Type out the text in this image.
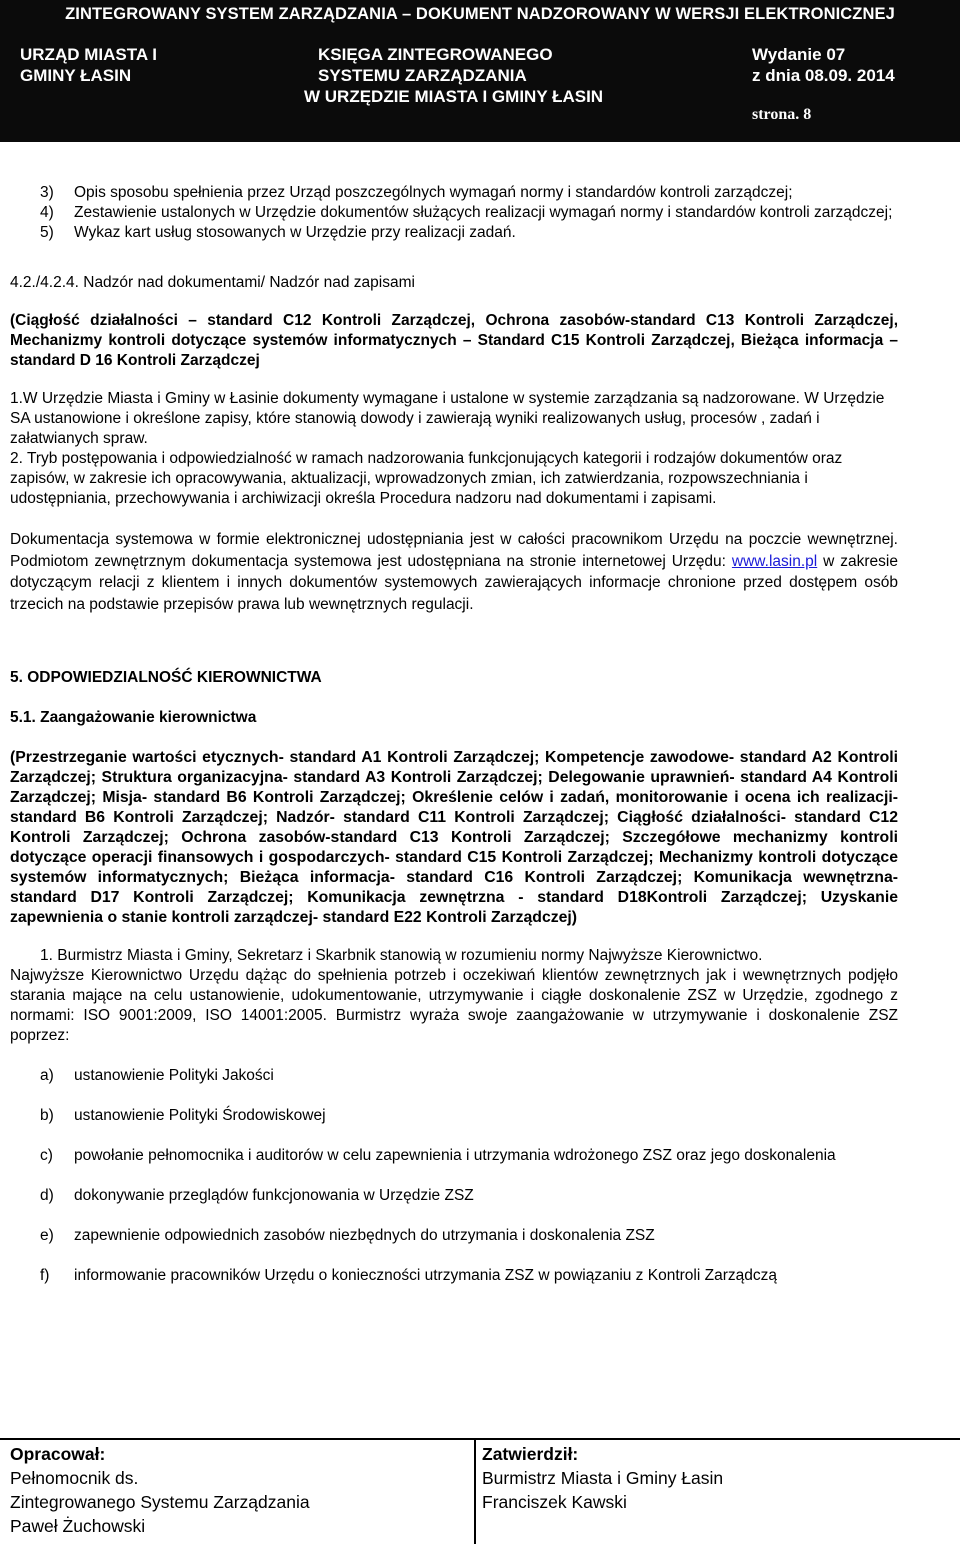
ZINTEGROWANY SYSTEM ZARZĄDZANIA – DOKUMENT NADZOROWANY W WERSJI ELEKTRONICZNEJ
URZĄD MIASTA I
GMINY ŁASIN
KSIĘGA ZINTEGROWANEGO
SYSTEMU ZARZĄDZANIA
W URZĘDZIE MIASTA I GMINY ŁASIN
Wydanie 07
z dnia 08.09. 2014
strona. 8
3)	Opis sposobu spełnienia przez Urząd poszczególnych wymagań normy i standardów kontroli zarządczej;
4)	Zestawienie ustalonych w Urzędzie dokumentów służących realizacji wymagań normy i standardów kontroli zarządczej;
5)	Wykaz kart usług stosowanych w Urzędzie przy realizacji zadań.

4.2./4.2.4. Nadzór nad dokumentami/ Nadzór nad zapisami

(Ciągłość działalności – standard C12 Kontroli Zarządczej, Ochrona zasobów-standard C13 Kontroli Zarządczej, Mechanizmy kontroli dotyczące systemów informatycznych – Standard C15 Kontroli Zarządczej, Bieżąca informacja – standard D 16 Kontroli Zarządczej

1.W Urzędzie Miasta i Gminy w Łasinie dokumenty wymagane i ustalone w systemie zarządzania są nadzorowane. W Urzędzie SA ustanowione i określone zapisy, które stanowią dowody i zawierają wyniki realizowanych usług, procesów , zadań i załatwianych spraw.

2. Tryb postępowania i odpowiedzialność w ramach nadzorowania funkcjonujących kategorii i rodzajów dokumentów oraz zapisów, w zakresie ich opracowywania, aktualizacji, wprowadzonych zmian, ich zatwierdzania, rozpowszechniania i udostępniania, przechowywania i archiwizacji określa Procedura nadzoru nad dokumentami i zapisami.

Dokumentacja systemowa w formie elektronicznej udostępniania jest w całości pracownikom Urzędu na poczcie wewnętrznej. Podmiotom zewnętrznym dokumentacja systemowa jest udostępniana na stronie internetowej Urzędu: www.lasin.pl w zakresie dotyczącym relacji z klientem i innych dokumentów systemowych zawierających informacje chronione przed dostępem osób trzecich na podstawie przepisów prawa lub wewnętrznych regulacji.

5. ODPOWIEDZIALNOŚĆ KIEROWNICTWA

5.1. Zaangażowanie kierownictwa

(Przestrzeganie wartości etycznych- standard A1 Kontroli Zarządczej; Kompetencje zawodowe- standard A2 Kontroli Zarządczej; Struktura organizacyjna- standard A3 Kontroli Zarządczej; Delegowanie uprawnień- standard A4 Kontroli Zarządczej; Misja- standard B6 Kontroli Zarządczej; Określenie celów i zadań, monitorowanie i ocena ich realizacji- standard B6 Kontroli Zarządczej; Nadzór- standard C11 Kontroli Zarządczej; Ciągłość działalności- standard C12 Kontroli Zarządczej; Ochrona zasobów-standard C13 Kontroli Zarządczej; Szczegółowe mechanizmy kontroli dotyczące operacji finansowych i gospodarczych- standard C15 Kontroli Zarządczej; Mechanizmy kontroli dotyczące systemów informatycznych; Bieżąca informacja- standard C16 Kontroli Zarządczej; Komunikacja wewnętrzna-standard D17 Kontroli Zarządczej; Komunikacja zewnętrzna - standard D18Kontroli Zarządczej; Uzyskanie zapewnienia o stanie kontroli zarządczej- standard E22 Kontroli Zarządczej)

1. Burmistrz Miasta i Gminy, Sekretarz i Skarbnik stanowią w rozumieniu normy Najwyższe Kierownictwo.

Najwyższe Kierownictwo Urzędu dążąc do spełnienia potrzeb i oczekiwań klientów zewnętrznych jak i wewnętrznych podjęło starania mające na celu ustanowienie, udokumentowanie, utrzymywanie i ciągłe doskonalenie ZSZ w Urzędzie, zgodnego z normami: ISO 9001:2009, ISO 14001:2005. Burmistrz wyraża swoje zaangażowanie w utrzymywanie i doskonalenie ZSZ poprzez:

a)	ustanowienie Polityki Jakości
b)	ustanowienie Polityki Środowiskowej
c)	powołanie pełnomocnika i auditorów w celu zapewnienia i utrzymania wdrożonego ZSZ oraz jego doskonalenia
d)	dokonywanie przeglądów funkcjonowania w Urzędzie ZSZ
e)	zapewnienie odpowiednich zasobów niezbędnych do utrzymania i doskonalenia ZSZ
f)	informowanie pracowników Urzędu o konieczności utrzymania ZSZ w powiązaniu z Kontroli Zarządczą
Opracował:
Pełnomocnik ds.
Zintegrowanego Systemu Zarządzania
Paweł Żuchowski
Zatwierdził:
Burmistrz Miasta i Gminy Łasin
Franciszek Kawski
